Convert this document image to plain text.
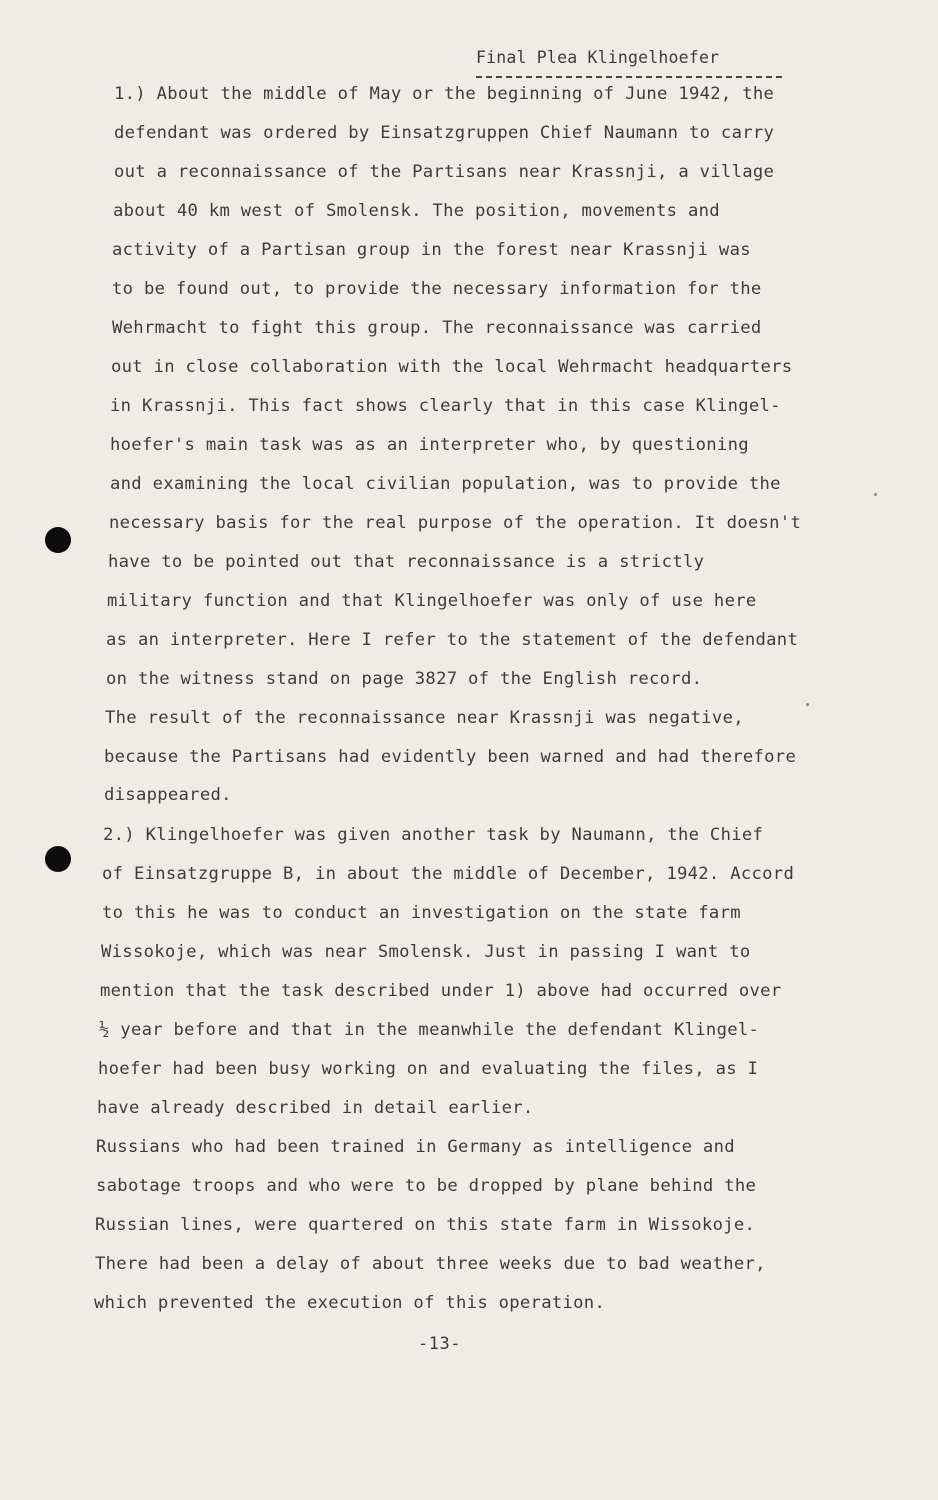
Final Plea Klingelhoefer
1.) About the middle of May or the beginning of June 1942, the
defendant was ordered by Einsatzgruppen Chief Naumann to carry
out a reconnaissance of the Partisans near Krassnji, a village
about 40 km west of Smolensk. The position, movements and
activity of a Partisan group in the forest near Krassnji was
to be found out, to provide the necessary information for the
Wehrmacht to fight this group. The reconnaissance was carried
out in close collaboration with the local Wehrmacht headquarters
in Krassnji. This fact shows clearly that in this case Klingel-
hoefer's main task was as an interpreter who, by questioning
and examining the local civilian population, was to provide the
necessary basis for the real purpose of the operation. It doesn't
have to be pointed out that reconnaissance is a strictly
military function and that Klingelhoefer was only of use here
as an interpreter. Here I refer to the statement of the defendant
on the witness stand on page 3827 of the English record.
The result of the reconnaissance near Krassnji was negative,
because the Partisans had evidently been warned and had therefore
disappeared.
2.) Klingelhoefer was given another task by Naumann, the Chief
of Einsatzgruppe B, in about the middle of December, 1942. Accord
to this he was to conduct an investigation on the state farm
Wissokoje, which was near Smolensk. Just in passing I want to
mention that the task described under 1) above had occurred over
½ year before and that in the meanwhile the defendant Klingel-
hoefer had been busy working on and evaluating the files, as I
have already described in detail earlier.
Russians who had been trained in Germany as intelligence and
sabotage troops and who were to be dropped by plane behind the
Russian lines, were quartered on this state farm in Wissokoje.
There had been a delay of about three weeks due to bad weather,
which prevented the execution of this operation.
-13-
